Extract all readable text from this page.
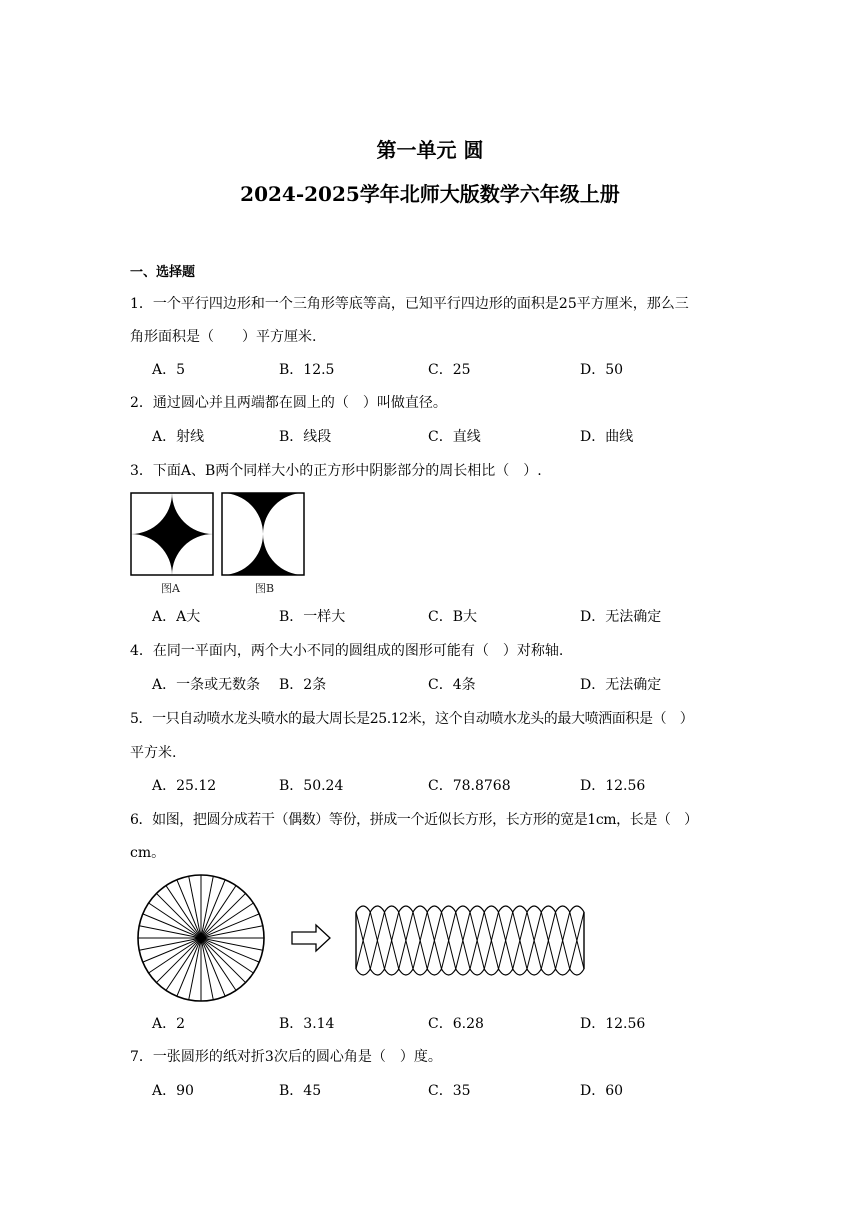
第一单元 圆
2024-2025学年北师大版数学六年级上册
一、选择题
1．一个平行四边形和一个三角形等底等高，已知平行四边形的面积是25平方厘米，那么三
角形面积是（　　）平方厘米.
A．5	B．12.5	C．25	D．50
2．通过圆心并且两端都在圆上的（　）叫做直径。
A．射线	B．线段	C．直线	D．曲线
3．下面A、B两个同样大小的正方形中阴影部分的周长相比（　）.
图A	图B
A．A大	B．一样大	C．B大	D．无法确定
4．在同一平面内，两个大小不同的圆组成的图形可能有（　）对称轴.
A．一条或无数条 B．2条	C．4条	D．无法确定
5．一只自动喷水龙头喷水的最大周长是25.12米，这个自动喷水龙头的最大喷洒面积是（　）
平方米.
A．25.12	B．50.24	C．78.8768	D．12.56
6．如图，把圆分成若干（偶数）等份，拼成一个近似长方形，长方形的宽是1cm，长是（　）
cm。
A．2	B．3.14	C．6.28	D．12.56
7．一张圆形的纸对折3次后的圆心角是（　）度。
A．90	B．45	C．35	D．60
